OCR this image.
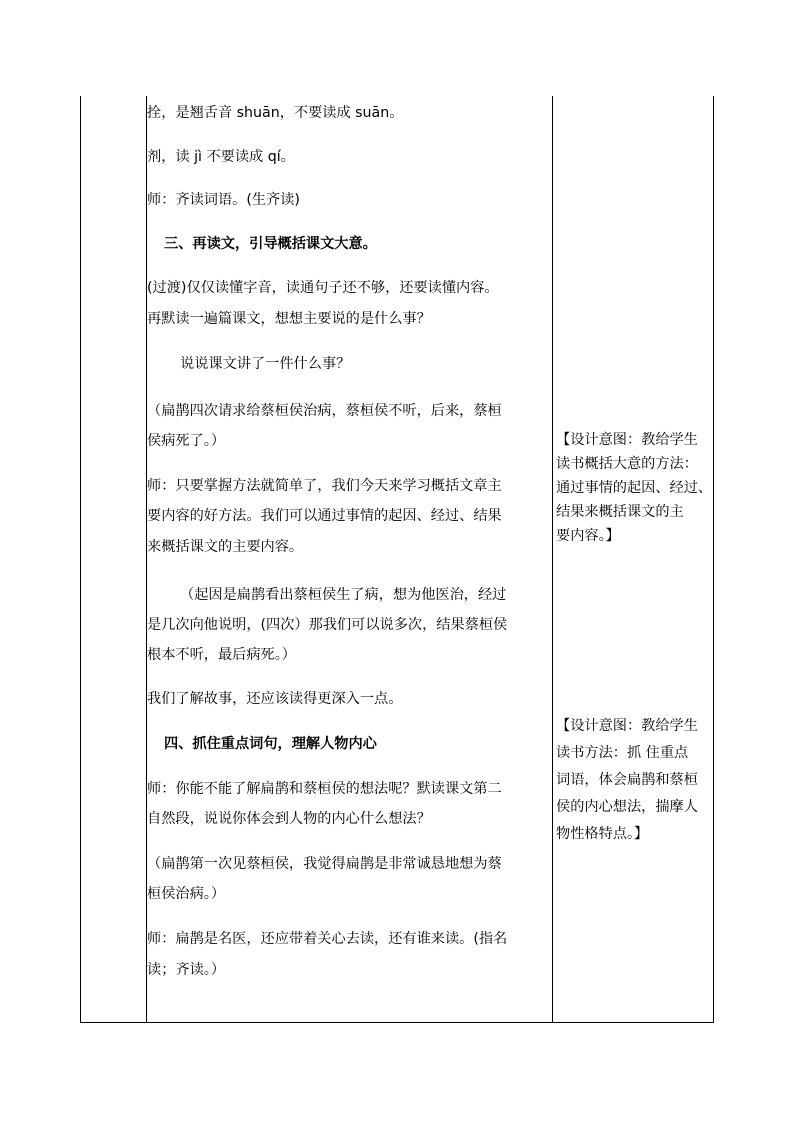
拴，是翘舌音 shuān，不要读成 suān。
剂，读 jì 不要读成 qí。
师：齐读词语。(生齐读)
三、再读文，引导概括课文大意。
(过渡)仅仅读懂字音，读通句子还不够，还要读懂内容。
再默读一遍篇课文，想想主要说的是什么事？
说说课文讲了一件什么事？
（扁鹊四次请求给蔡桓侯治病，蔡桓侯不听，后来，蔡桓
侯病死了。）
师：只要掌握方法就简单了，我们今天来学习概括文章主
要内容的好方法。我们可以通过事情的起因、经过、结果
来概括课文的主要内容。
（起因是扁鹊看出蔡桓侯生了病，想为他医治，经过
是几次向他说明，(四次）那我们可以说多次，结果蔡桓侯
根本不听，最后病死。）
我们了解故事，还应该读得更深入一点。
四、抓住重点词句，理解人物内心
师：你能不能了解扁鹊和蔡桓侯的想法呢？默读课文第二
自然段，说说你体会到人物的内心什么想法？
（扁鹊第一次见蔡桓侯，我觉得扁鹊是非常诚恳地想为蔡
桓侯治病。）
师：扁鹊是名医，还应带着关心去读，还有谁来读。(指名
读；齐读。）
【设计意图：教给学生
读书概括大意的方法：
通过事情的起因、经过、
结果来概括课文的主
要内容。】
【设计意图：教给学生
读书方法：抓 住重点
词语，体会扁鹊和蔡桓
侯的内心想法，揣摩人
物性格特点。】
